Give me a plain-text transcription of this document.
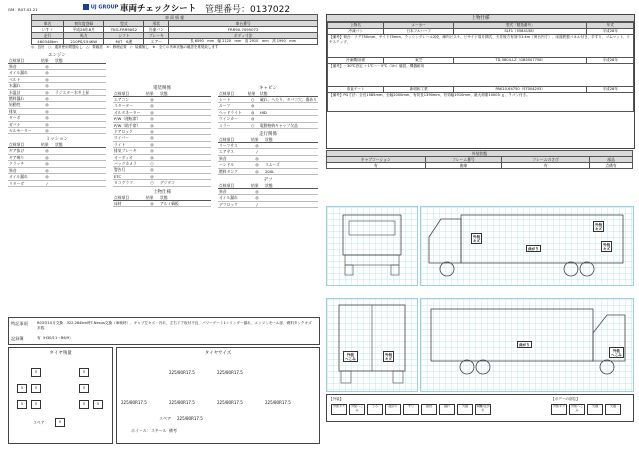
GM：R07.01.21	UJ GROUP 車両チェックシート 管理番号：0137022
車 両 情 報				
車名	初年度登録	型式	形状	車台番号
いすゞ	平成28年8月	TKG-FRR90S2	冷凍バン	FRR90-7095072
走行	馬力	シフト	ブレーキ	ボディ寸法
460348km	210PS/154KW	M/T　6速	エアー	長 6090　mm　幅 2120　mm　高 2910　mm　高 1990　mm
◎：良好　○：通常使用問題なし　△：要確認　✕：修理必要　/：装備無し　※：全ての実車状態の確認を推奨致します
エンジン
点検項目	結果	状態
異音	◎	
オイル漏れ	◎	
ベルト	◎	
水漏れ	◎	
水温計	◎	ラジエター水多上昇
燃料漏れ	◎	
始動性	◎	
排気	◎	
ターボ	◎	
ガバナ	◎	
セルモーター	◎	
ミッション
点検項目	結果	状態
ギア抜け	◎	
ギア鳴り	◎	
クラッチ	◎	
異音	◎	
オイル漏れ	◎	
リターダ	/	
電装関係
点検項目	結果	状態
エアコン	◎	
スターター	◎	
オルタネーター	◎	
P/W（運転席）	◎	
P/W（助手席）	◎	
ドアロック	◎	
ワイパー	◎	
ライト	◎	
排気ブレーキ	◎	
オーディオ	◎	
バックカメラ	○	
警告灯	◎	
ETC	◎	
タコグラフ	○	デジタコ
上物仕様
点検項目	結果	状態
床材	◎	アルミ縞板
キャビン
点検項目	結果	状態
シート	○	破れ、へたり、タバコ穴、傷あり
ルーフ	◎	
ヘッドライト	◎	HID
ウインカー	◎	
ミラー	○	電動格納キャップ欠品
走行関係
点検項目	結果	状態
リーフサス	◎	
エアサス	/	
異音	◎	
ハンドル	◎	スムーズ
燃料タンク	◎	200L
デフ
点検項目	結果	状態
異音	◎	
オイル漏れ	◎	
デフロック	/	
特記事項	R03年10月交換　322,264km時T-Nexus交換（車検時）、キャブ左キズ・汚れ、左右ドア取付不良、パワーゲート1シリンダー漏れ、エンジンモール部、燃料タンクキズ多数、
記録簿	有（H30/11～R6/9）
タイヤ残量
5	5
5	5	5
5	5	5	5
スペア	5
タイヤサイズ
225/80R17.5	225/80R17.5
225/80R17.5	225/80R17.5	225/80R17.5	225/80R17.5
スペア 225/80R17.5
ホイール：スチール 備考
上物仕様
上物名	メーカー	型式「製造番号」	年式
冷凍バン	日本フルハーフ	SLF1（5584158）	平成28年
【備考】荷台：ソデ750mm、サイド75mm、ラッシングレール2段、庫内ビスケ、ビサイド扉片開式、天井後方有効巾1.4m（荷台内寸）、床面鉄製パネル付き、手すり、ゴムマット、リヤステップ、			
冷凍機/前面	東芝	TD-5804-LZ（GB5507758）	平成28年
【備考】－30℃設定 ＋1℃～－5℃（1h）確認、機器耐用			
垂直ゲート	新明和工業	PAK10-64750（5T004205）	平成28年
【備考】PG寸法：全長1585mm、全幅2000mm、有効長1390mm、有効幅1910mm、最大荷重1000ｋｇ、ラゴン付き。			
外装状態			
キャブコーション	フレーム番号	フレームのさび	部品
有	曲線	有	点備有
外装
キズ
外装
キズ
曲がり
外装
キズ
外装
へこみ
外装
キズ
曲がり
外装
へこみ
【外装】
外装キズ 外装へこみうろ	曲がり	サビ	腐食	割れ	欠損	剥離/はがれ
【ボデーの部位】
外装キズ 外装へこみ欠損	欠損
